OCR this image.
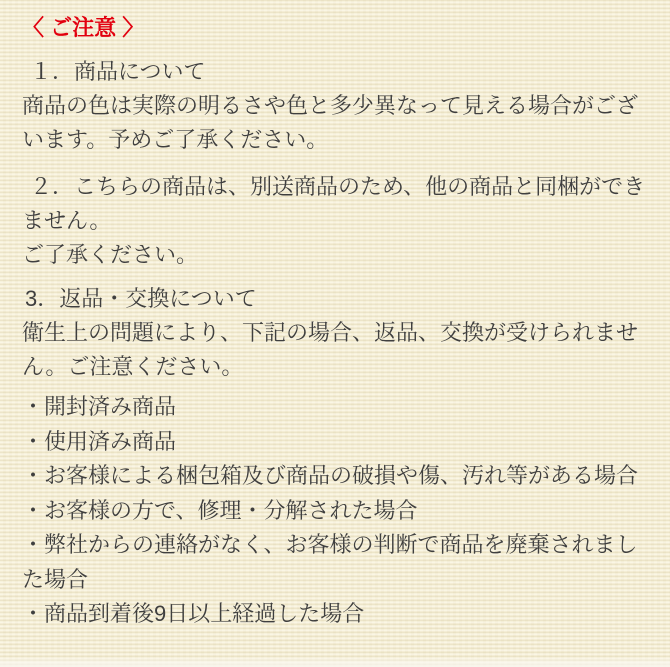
〈 ご注意 〉

１．商品について

商品の色は実際の明るさや色と多少異なって見える場合がございます。予めご了承ください。

２．こちらの商品は、別送商品のため、他の商品と同梱ができません。

ご了承ください。

3．返品・交換について

衛生上の問題により、下記の場合、返品、交換が受けられません。ご注意ください。

・開封済み商品

・使用済み商品

・お客様による梱包箱及び商品の破損や傷、汚れ等がある場合

・お客様の方で、修理・分解された場合

・弊社からの連絡がなく、お客様の判断で商品を廃棄されました場合

・商品到着後9日以上経過した場合
